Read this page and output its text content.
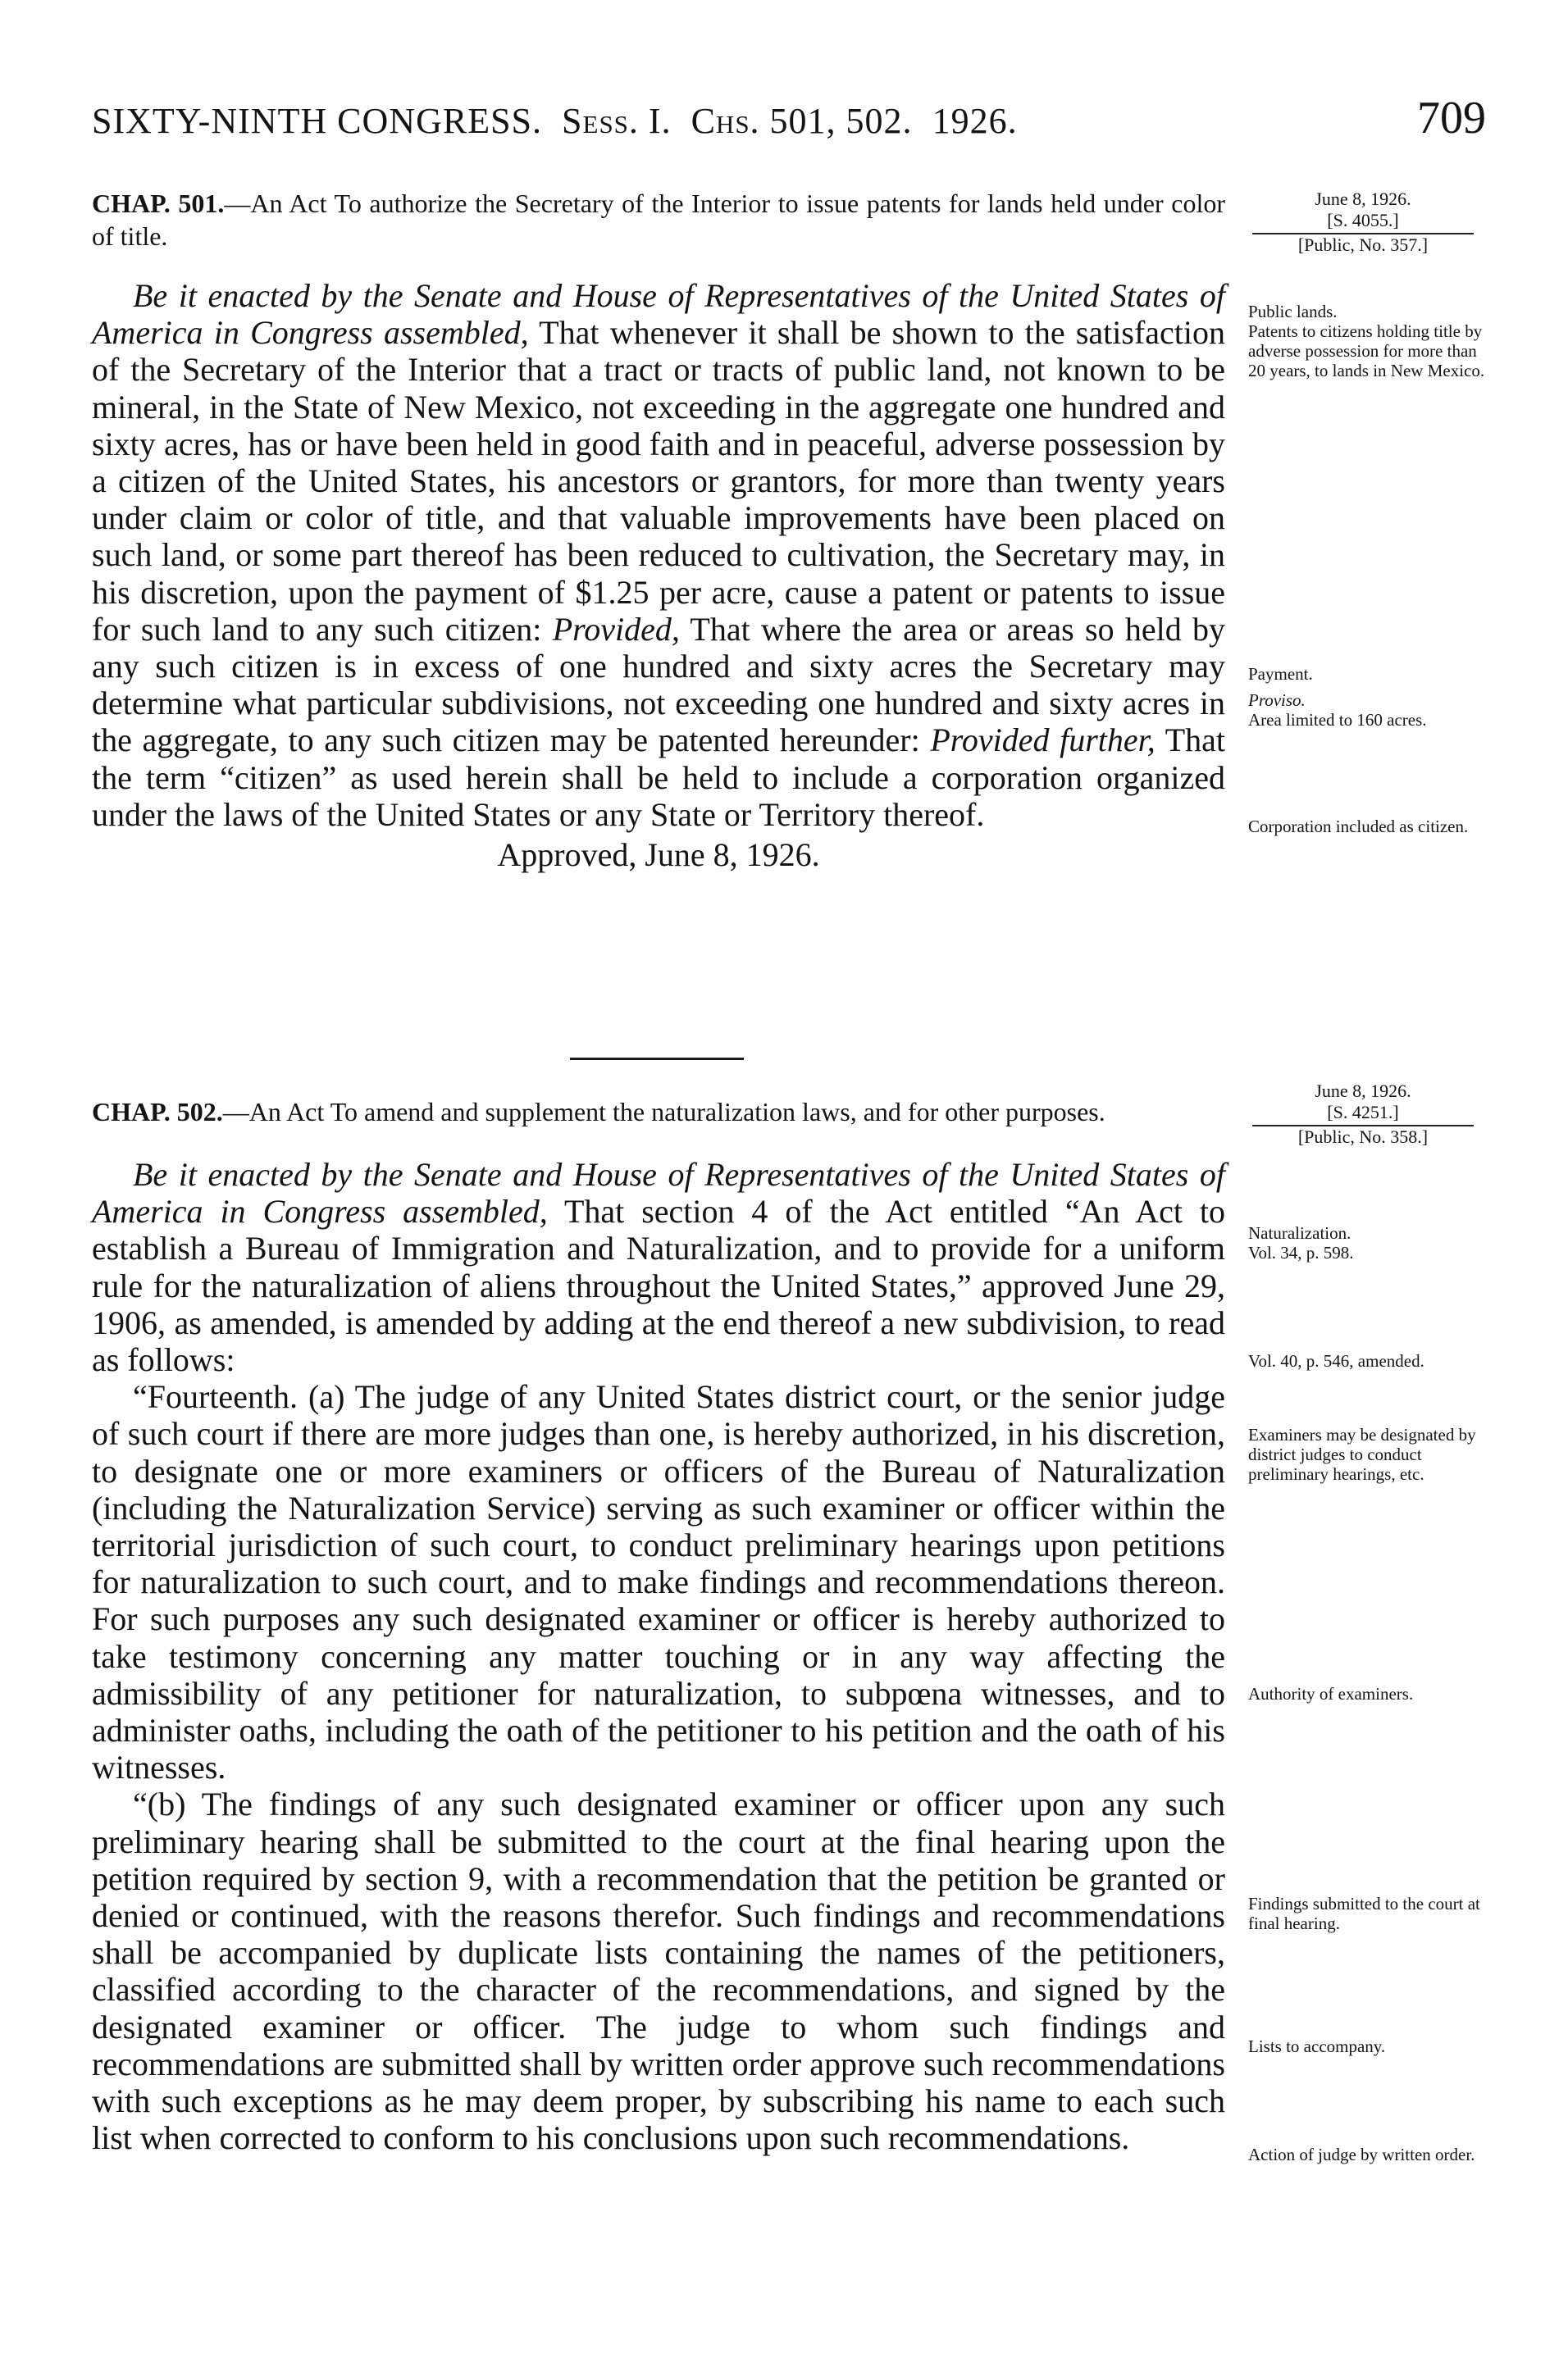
SIXTY-NINTH CONGRESS. Sess. I. Chs. 501, 502. 1926.	709
June 8, 1926.
[S. 4055.]
[Public, No. 357.]

CHAP. 501.—An Act To authorize the Secretary of the Interior to issue patents for lands held under color of title.

Be it enacted by the Senate and House of Representatives of the United States of America in Congress assembled, That whenever it shall be shown to the satisfaction of the Secretary of the Interior that a tract or tracts of public land, not known to be mineral, in the State of New Mexico, not exceeding in the aggregate one hundred and sixty acres, has or have been held in good faith and in peaceful, adverse possession by a citizen of the United States, his ancestors or grantors, for more than twenty years under claim or color of title, and that valuable improvements have been placed on such land, or some part thereof has been reduced to cultivation, the Secretary may, in his discretion, upon the payment of $1.25 per acre, cause a patent or patents to issue for such land to any such citizen: Provided, That where the area or areas so held by any such citizen is in excess of one hundred and sixty acres the Secretary may determine what particular subdivisions, not exceeding one hundred and sixty acres in the aggregate, to any such citizen may be patented hereunder: Provided further, That the term “citizen” as used herein shall be held to include a corporation organized under the laws of the United States or any State or Territory thereof.

Approved, June 8, 1926.

Public lands.
Patents to citizens holding title by adverse possession for more than 20 years, to lands in New Mexico.
Payment.
Proviso.
Area limited to 160 acres.
Corporation included as citizen.
June 8, 1926.
[S. 4251.]
[Public, No. 358.]

CHAP. 502.—An Act To amend and supplement the naturalization laws, and for other purposes.

Be it enacted by the Senate and House of Representatives of the United States of America in Congress assembled, That section 4 of the Act entitled “An Act to establish a Bureau of Immigration and Naturalization, and to provide for a uniform rule for the naturalization of aliens throughout the United States,” approved June 29, 1906, as amended, is amended by adding at the end thereof a new subdivision, to read as follows:

“Fourteenth. (a) The judge of any United States district court, or the senior judge of such court if there are more judges than one, is hereby authorized, in his discretion, to designate one or more examiners or officers of the Bureau of Naturalization (including the Naturalization Service) serving as such examiner or officer within the territorial jurisdiction of such court, to conduct preliminary hearings upon petitions for naturalization to such court, and to make findings and recommendations thereon. For such purposes any such designated examiner or officer is hereby authorized to take testimony concerning any matter touching or in any way affecting the admissibility of any petitioner for naturalization, to subpœna witnesses, and to administer oaths, including the oath of the petitioner to his petition and the oath of his witnesses.

“(b) The findings of any such designated examiner or officer upon any such preliminary hearing shall be submitted to the court at the final hearing upon the petition required by section 9, with a recommendation that the petition be granted or denied or continued, with the reasons therefor. Such findings and recommendations shall be accompanied by duplicate lists containing the names of the petitioners, classified according to the character of the recommendations, and signed by the designated examiner or officer. The judge to whom such findings and recommendations are submitted shall by written order approve such recommendations with such exceptions as he may deem proper, by subscribing his name to each such list when corrected to conform to his conclusions upon such recommendations.

Naturalization.
Vol. 34, p. 598.
Vol. 40, p. 546, amended.
Examiners may be designated by district judges to conduct preliminary hearings, etc.
Authority of examiners.
Findings submitted to the court at final hearing.
Lists to accompany.
Action of judge by written order.
